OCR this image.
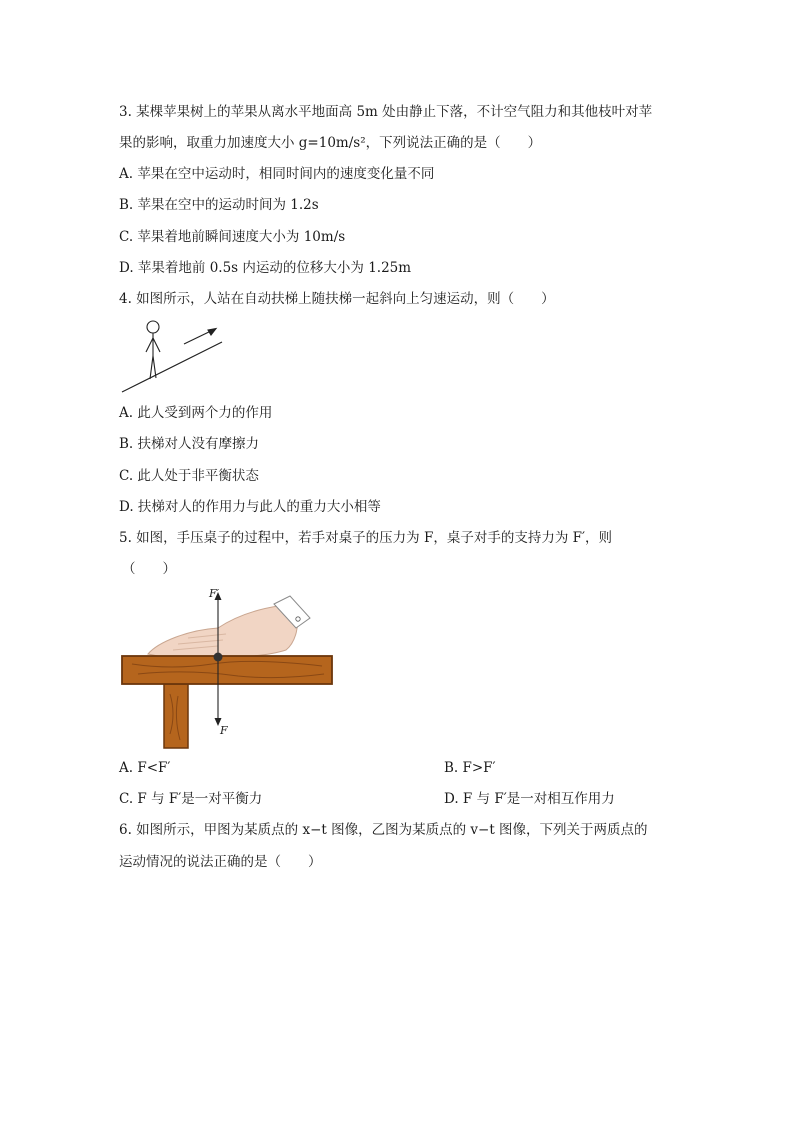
3. 某棵苹果树上的苹果从离水平地面高 5m 处由静止下落，不计空气阻力和其他枝叶对苹
果的影响，取重力加速度大小 g=10m/s²，下列说法正确的是（　　）
A. 苹果在空中运动时，相同时间内的速度变化量不同
B. 苹果在空中的运动时间为 1.2s
C. 苹果着地前瞬间速度大小为 10m/s
D. 苹果着地前 0.5s 内运动的位移大小为 1.25m
4. 如图所示，人站在自动扶梯上随扶梯一起斜向上匀速运动，则（　　）
A. 此人受到两个力的作用
B. 扶梯对人没有摩擦力
C. 此人处于非平衡状态
D. 扶梯对人的作用力与此人的重力大小相等
5. 如图，手压桌子的过程中，若手对桌子的压力为 F，桌子对手的支持力为 F′，则
（　　）
F′
F
A. F<F′	B. F>F′
C. F 与 F′是一对平衡力	D. F 与 F′是一对相互作用力
6. 如图所示，甲图为某质点的 x−t 图像，乙图为某质点的 v−t 图像，下列关于两质点的
运动情况的说法正确的是（　　）
